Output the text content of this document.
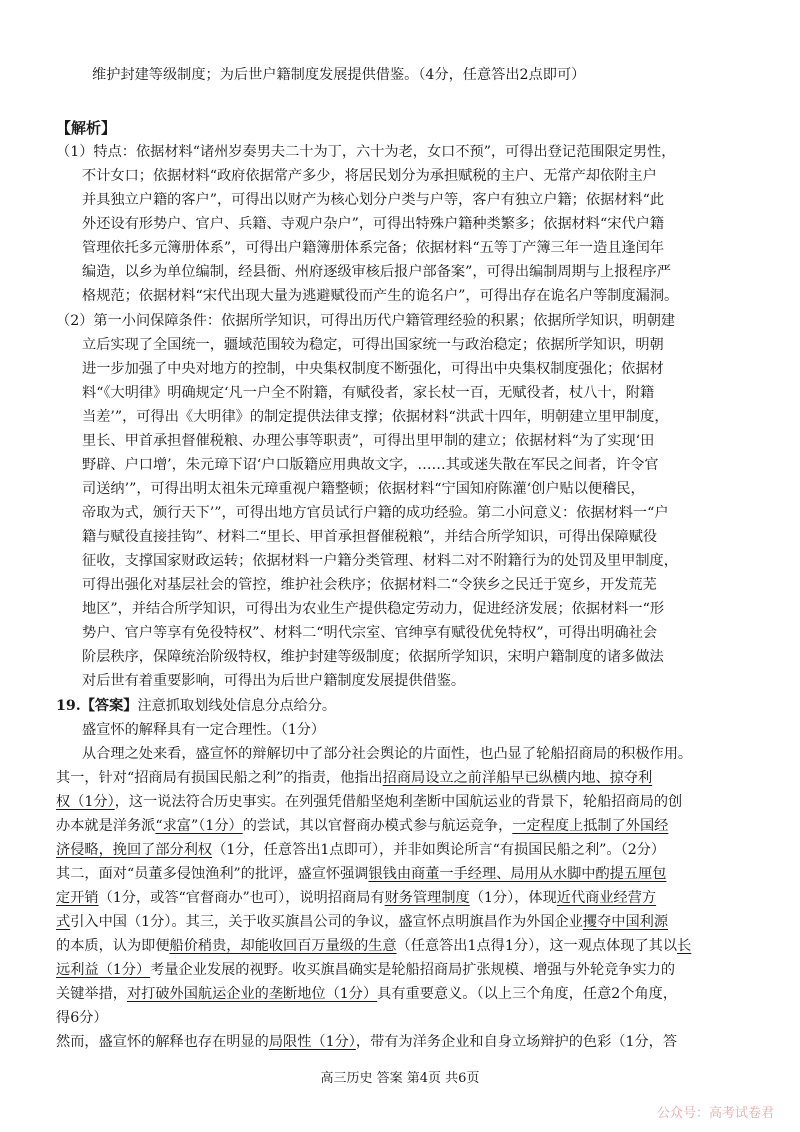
维护封建等级制度；为后世户籍制度发展提供借鉴。（4分，任意答出2点即可）
【解析】
（1）特点：依据材料“诸州岁奏男夫二十为丁，六十为老，女口不预”，可得出登记范围限定男性，
不计女口；依据材料“政府依据常产多少，将居民划分为承担赋税的主户、无常产却依附主户
并具独立户籍的客户”，可得出以财产为核心划分户类与户等，客户有独立户籍；依据材料“此
外还设有形势户、官户、兵籍、寺观户杂户”，可得出特殊户籍种类繁多；依据材料“宋代户籍
管理依托多元簿册体系”，可得出户籍簿册体系完备；依据材料“五等丁产簿三年一造且逢闰年
编造，以乡为单位编制，经县衙、州府逐级审核后报户部备案”，可得出编制周期与上报程序严
格规范；依据材料“宋代出现大量为逃避赋役而产生的诡名户”，可得出存在诡名户等制度漏洞。
（2）第一小问保障条件：依据所学知识，可得出历代户籍管理经验的积累；依据所学知识，明朝建
立后实现了全国统一，疆域范围较为稳定，可得出国家统一与政治稳定；依据所学知识，明朝
进一步加强了中央对地方的控制，中央集权制度不断强化，可得出中央集权制度强化；依据材
料“《大明律》明确规定‘凡一户全不附籍，有赋役者，家长杖一百，无赋役者，杖八十，附籍
当差’”，可得出《大明律》的制定提供法律支撑；依据材料“洪武十四年，明朝建立里甲制度，
里长、甲首承担督催税粮、办理公事等职责”，可得出里甲制的建立；依据材料“为了实现‘田
野辟、户口增’，朱元璋下诏‘户口版籍应用典故文字，……其或迷失散在军民之间者，许令官
司送纳’”，可得出明太祖朱元璋重视户籍整顿；依据材料“宁国知府陈灌‘创户贴以便稽民，
帝取为式，颁行天下’”，可得出地方官员试行户籍的成功经验。第二小问意义：依据材料一“户
籍与赋役直接挂钩”、材料二“里长、甲首承担督催税粮”，并结合所学知识，可得出保障赋役
征收，支撑国家财政运转；依据材料一户籍分类管理、材料二对不附籍行为的处罚及里甲制度，
可得出强化对基层社会的管控，维护社会秩序；依据材料二“令狭乡之民迁于宽乡，开发荒芜
地区”，并结合所学知识，可得出为农业生产提供稳定劳动力，促进经济发展；依据材料一“形
势户、官户等享有免役特权”、材料二“明代宗室、官绅享有赋役优免特权”，可得出明确社会
阶层秩序，保障统治阶级特权，维护封建等级制度；依据所学知识，宋明户籍制度的诸多做法
对后世有着重要影响，可得出为后世户籍制度发展提供借鉴。
19.【答案】注意抓取划线处信息分点给分。
盛宣怀的解释具有一定合理性。（1分）
从合理之处来看，盛宣怀的辩解切中了部分社会舆论的片面性，也凸显了轮船招商局的积极作用。
其一，针对“招商局有损国民船之利”的指责，他指出招商局设立之前洋船早已纵横内地、掠夺利
权（1分），这一说法符合历史事实。在列强凭借船坚炮利垄断中国航运业的背景下，轮船招商局的创
办本就是洋务派“求富”（1分）的尝试，其以官督商办模式参与航运竞争，一定程度上抵制了外国经
济侵略，挽回了部分利权（1分，任意答出1点即可），并非如舆论所言“有损国民船之利”。（2分）
其二，面对“员董多侵蚀渔利”的批评，盛宣怀强调银钱由商董一手经理、局用从水脚中酌提五厘包
定开销（1分，或答“官督商办”也可），说明招商局有财务管理制度（1分），体现近代商业经营方
式引入中国（1分）。其三，关于收买旗昌公司的争议，盛宣怀点明旗昌作为外国企业攫夺中国利源
的本质，认为即便船价稍贵，却能收回百万量级的生意（任意答出1点得1分），这一观点体现了其以长
远利益（1分）考量企业发展的视野。收买旗昌确实是轮船招商局扩张规模、增强与外轮竞争实力的
关键举措，对打破外国航运企业的垄断地位（1分）具有重要意义。（以上三个角度，任意2个角度，
得6分）
然而，盛宣怀的解释也存在明显的局限性（1分），带有为洋务企业和自身立场辩护的色彩（1分，答
高三历史 答案 第4页 共6页
公众号：高考试卷君
